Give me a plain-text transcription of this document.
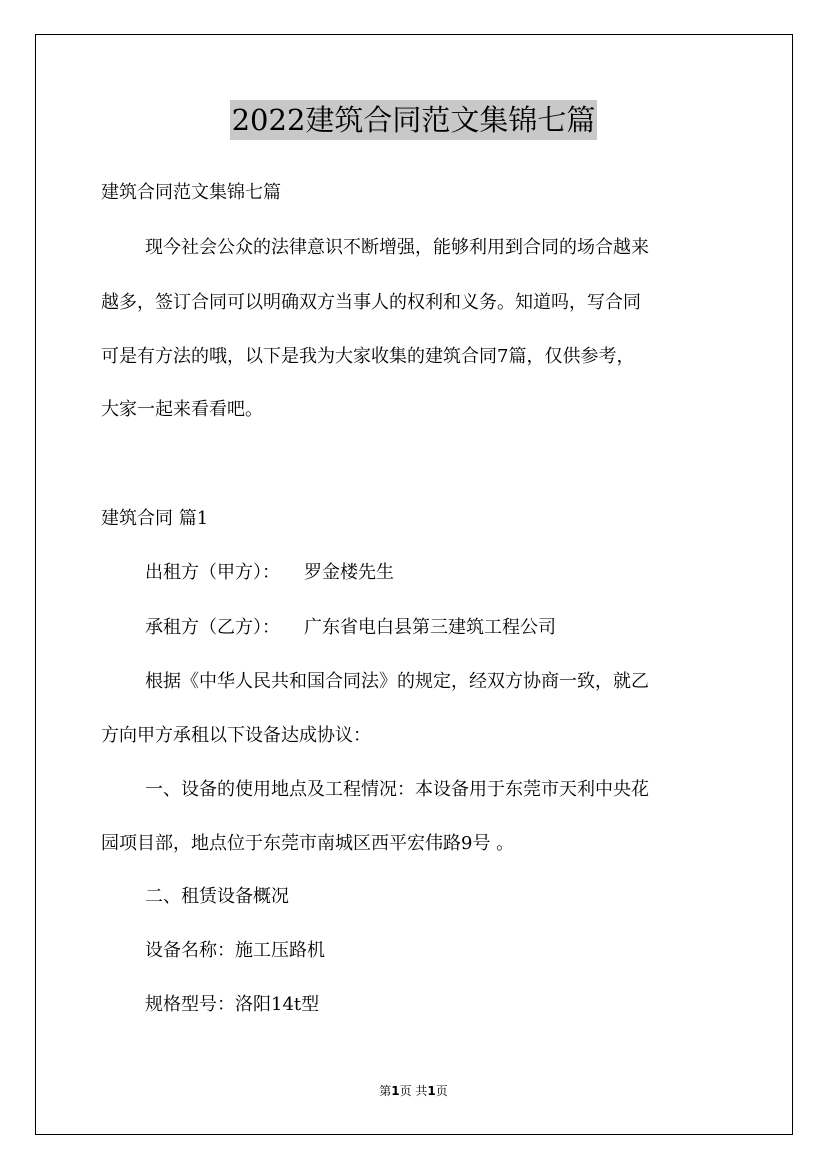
2022建筑合同范文集锦七篇
建筑合同范文集锦七篇
现今社会公众的法律意识不断增强，能够利用到合同的场合越来
越多，签订合同可以明确双方当事人的权利和义务。知道吗，写合同
可是有方法的哦，以下是我为大家收集的建筑合同7篇，仅供参考，
大家一起来看看吧。
建筑合同 篇1
出租方（甲方）： 罗金楼先生
承租方（乙方）： 广东省电白县第三建筑工程公司
根据《中华人民共和国合同法》的规定，经双方协商一致，就乙
方向甲方承租以下设备达成协议：
一、设备的使用地点及工程情况：本设备用于东莞市天利中央花
园项目部，地点位于东莞市南城区西平宏伟路9号 。
二、租赁设备概况
设备名称：施工压路机
规格型号：洛阳14t型
第1页 共1页
